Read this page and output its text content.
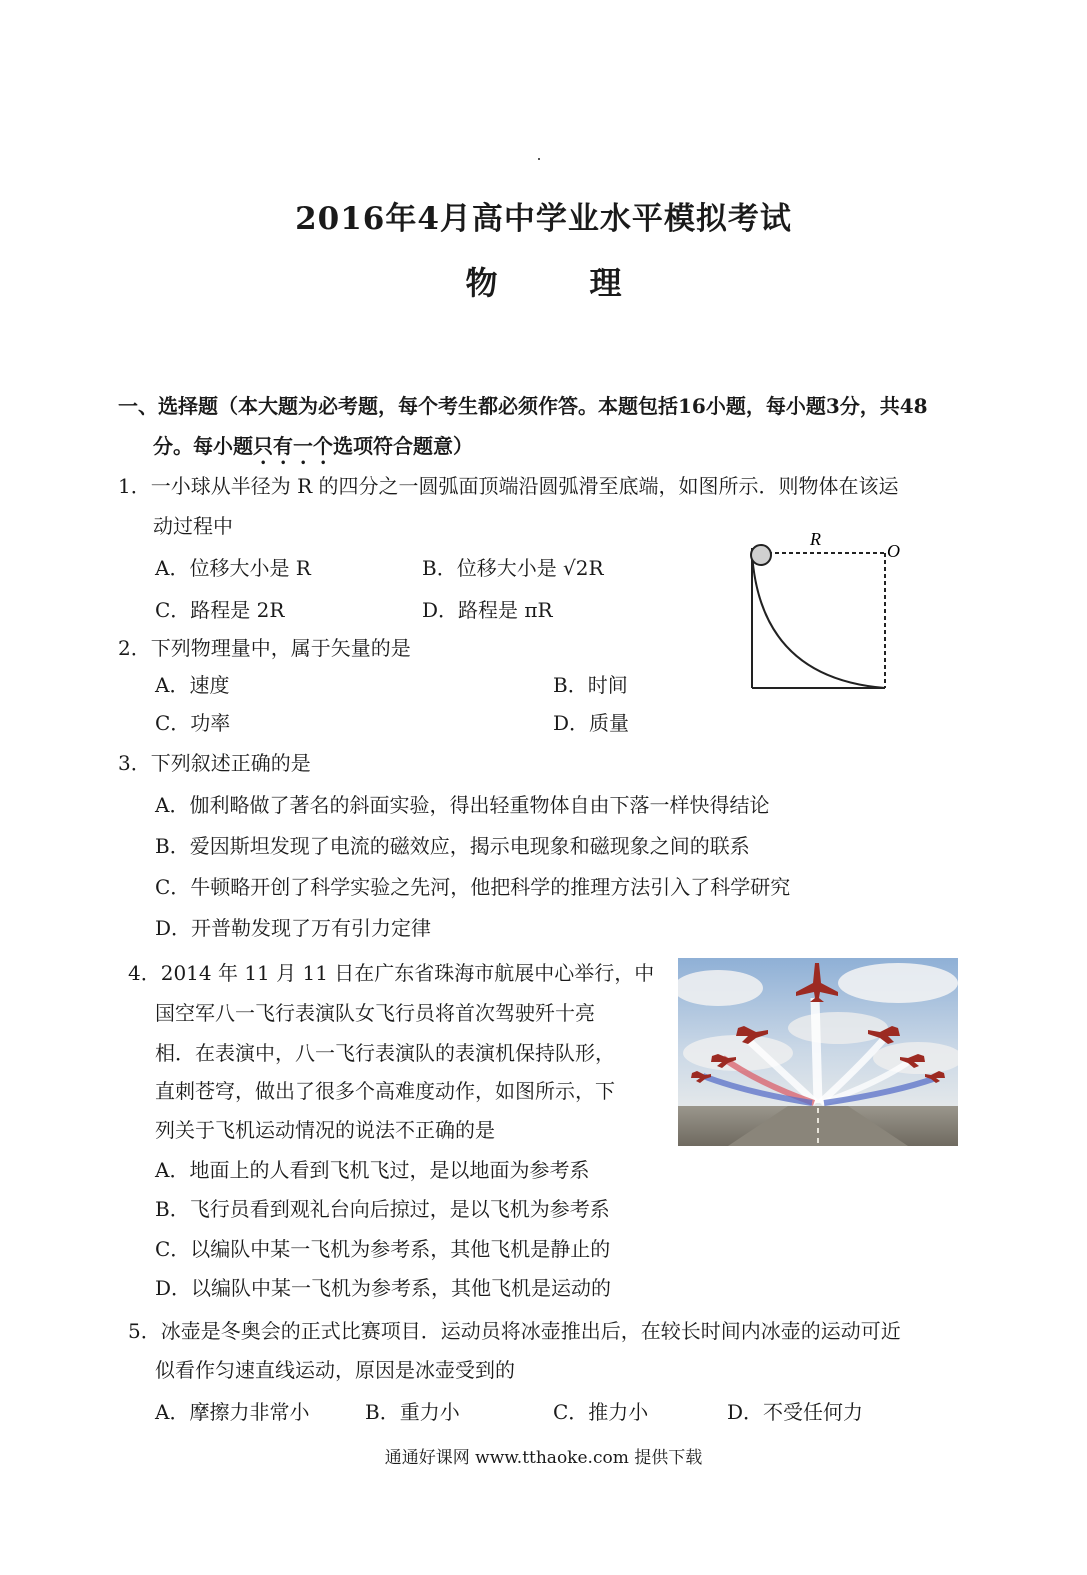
2016年4月高中学业水平模拟考试
物　理
一、选择题（本大题为必考题，每个考生都必须作答。本题包括16小题，每小题3分，共48
分。每小题只有一个选项符合题意）
1．一小球从半径为 R 的四分之一圆弧面顶端沿圆弧滑至底端，如图所示．则物体在该运
动过程中
A．位移大小是 R	B．位移大小是 √2R
C．路程是 2R	D．路程是 πR
R
O
2．下列物理量中，属于矢量的是
A．速度	B．时间
C．功率	D．质量
3．下列叙述正确的是
A．伽利略做了著名的斜面实验，得出轻重物体自由下落一样快得结论
B．爱因斯坦发现了电流的磁效应，揭示电现象和磁现象之间的联系
C．牛顿略开创了科学实验之先河，他把科学的推理方法引入了科学研究
D．开普勒发现了万有引力定律
4．2014 年 11 月 11 日在广东省珠海市航展中心举行，中
国空军八一飞行表演队女飞行员将首次驾驶歼十亮
相．在表演中，八一飞行表演队的表演机保持队形，
直刺苍穹，做出了很多个高难度动作，如图所示，下
列关于飞机运动情况的说法不正确的是
A．地面上的人看到飞机飞过，是以地面为参考系
B．飞行员看到观礼台向后掠过，是以飞机为参考系
C．以编队中某一飞机为参考系，其他飞机是静止的
D．以编队中某一飞机为参考系，其他飞机是运动的
5．冰壶是冬奥会的正式比赛项目．运动员将冰壶推出后，在较长时间内冰壶的运动可近
似看作匀速直线运动，原因是冰壶受到的
A．摩擦力非常小	B．重力小	C．推力小	D．不受任何力
通通好课网 www.tthaoke.com 提供下载
